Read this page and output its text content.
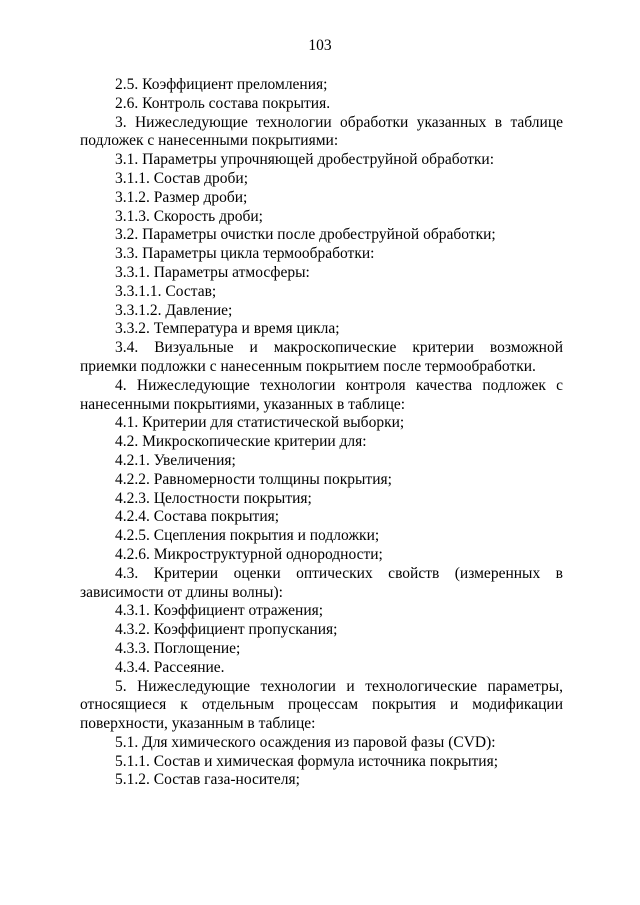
103

2.5. Коэффициент преломления;

2.6. Контроль состава покрытия.

3. Нижеследующие технологии обработки указанных в таблице подложек с нанесенными покрытиями:

3.1. Параметры упрочняющей дробеструйной обработки:

3.1.1. Состав дроби;

3.1.2. Размер дроби;

3.1.3. Скорость дроби;

3.2. Параметры очистки после дробеструйной обработки;

3.3. Параметры цикла термообработки:

3.3.1. Параметры атмосферы:

3.3.1.1. Состав;

3.3.1.2. Давление;

3.3.2. Температура и время цикла;

3.4. Визуальные и макроскопические критерии возможной приемки подложки с нанесенным покрытием после термообработки.

4. Нижеследующие технологии контроля качества подложек с нанесенными покрытиями, указанных в таблице:

4.1. Критерии для статистической выборки;

4.2. Микроскопические критерии для:

4.2.1. Увеличения;

4.2.2. Равномерности толщины покрытия;

4.2.3. Целостности покрытия;

4.2.4. Состава покрытия;

4.2.5. Сцепления покрытия и подложки;

4.2.6. Микроструктурной однородности;

4.3. Критерии оценки оптических свойств (измеренных в зависимости от длины волны):

4.3.1. Коэффициент отражения;

4.3.2. Коэффициент пропускания;

4.3.3. Поглощение;

4.3.4. Рассеяние.

5. Нижеследующие технологии и технологические параметры, относящиеся к отдельным процессам покрытия и модификации поверхности, указанным в таблице:

5.1. Для химического осаждения из паровой фазы (CVD):

5.1.1. Состав и химическая формула источника покрытия;

5.1.2. Состав газа-носителя;
